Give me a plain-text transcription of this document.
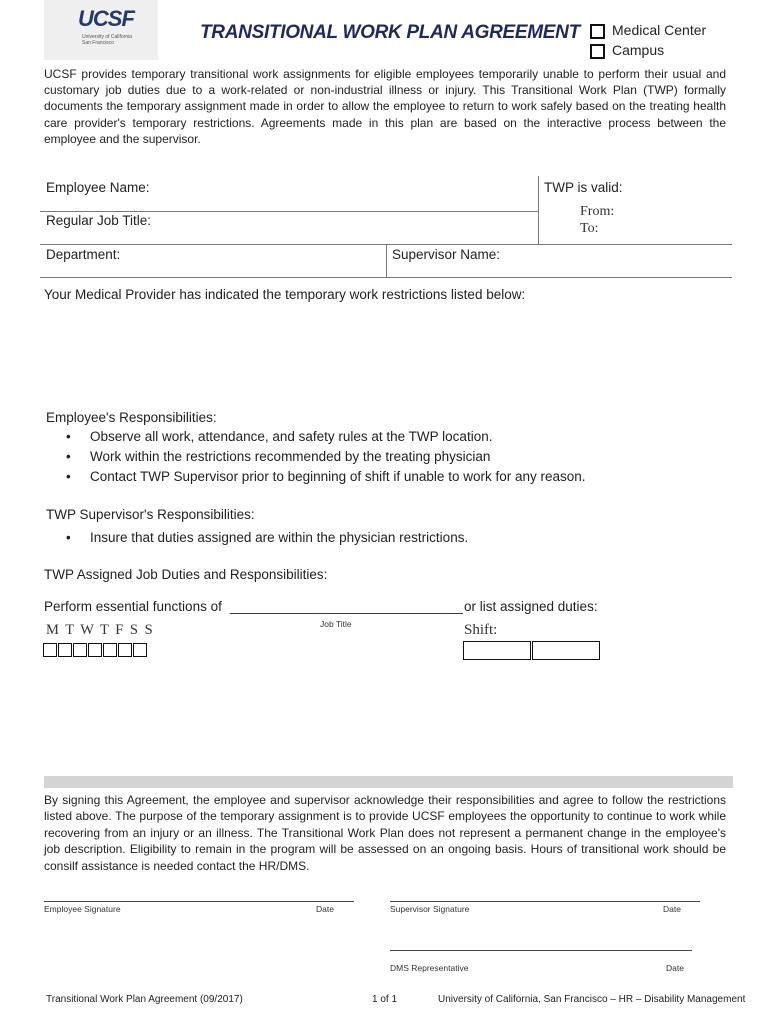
UCSF
University of California San Francisco	TRANSITIONAL WORK PLAN AGREEMENT Medical Center
Campus
UCSF provides temporary transitional work assignments for eligible employees temporarily unable to perform their usual and customary job duties due to a work-related or non-industrial illness or injury. This Transitional Work Plan (TWP) formally documents the temporary assignment made in order to allow the employee to return to work safely based on the treating health care provider's temporary restrictions. Agreements made in this plan are based on the interactive process between the employee and the supervisor.
Employee Name:	TWP is valid:
From:
To:
Regular Job Title:
Department:	Supervisor Name:
Your Medical Provider has indicated the temporary work restrictions listed below:
Employee's Responsibilities:
• Observe all work, attendance, and safety rules at the TWP location.
• Work within the restrictions recommended by the treating physician
• Contact TWP Supervisor prior to beginning of shift if unable to work for any reason.
TWP Supervisor's Responsibilities:
• Insure that duties assigned are within the physician restrictions.
TWP Assigned Job Duties and Responsibilities:
Perform essential functions of _______________________________ or list assigned duties:
Job Title
M T W T F S S	Shift:
By signing this Agreement, the employee and supervisor acknowledge their responsibilities and agree to follow the restrictions listed above. The purpose of the temporary assignment is to provide UCSF employees the opportunity to continue to work while recovering from an injury or an illness. The Transitional Work Plan does not represent a permanent change in the employee's job description. Eligibility to remain in the program will be assessed on an ongoing basis. Hours of transitional work should be consilf assistance is needed contact the HR/DMS.
Employee Signature	Date	Supervisor Signature	Date
DMS Representative	Date
Transitional Work Plan Agreement (09/2017)	1 of 1	University of California, San Francisco – HR – Disability Management
